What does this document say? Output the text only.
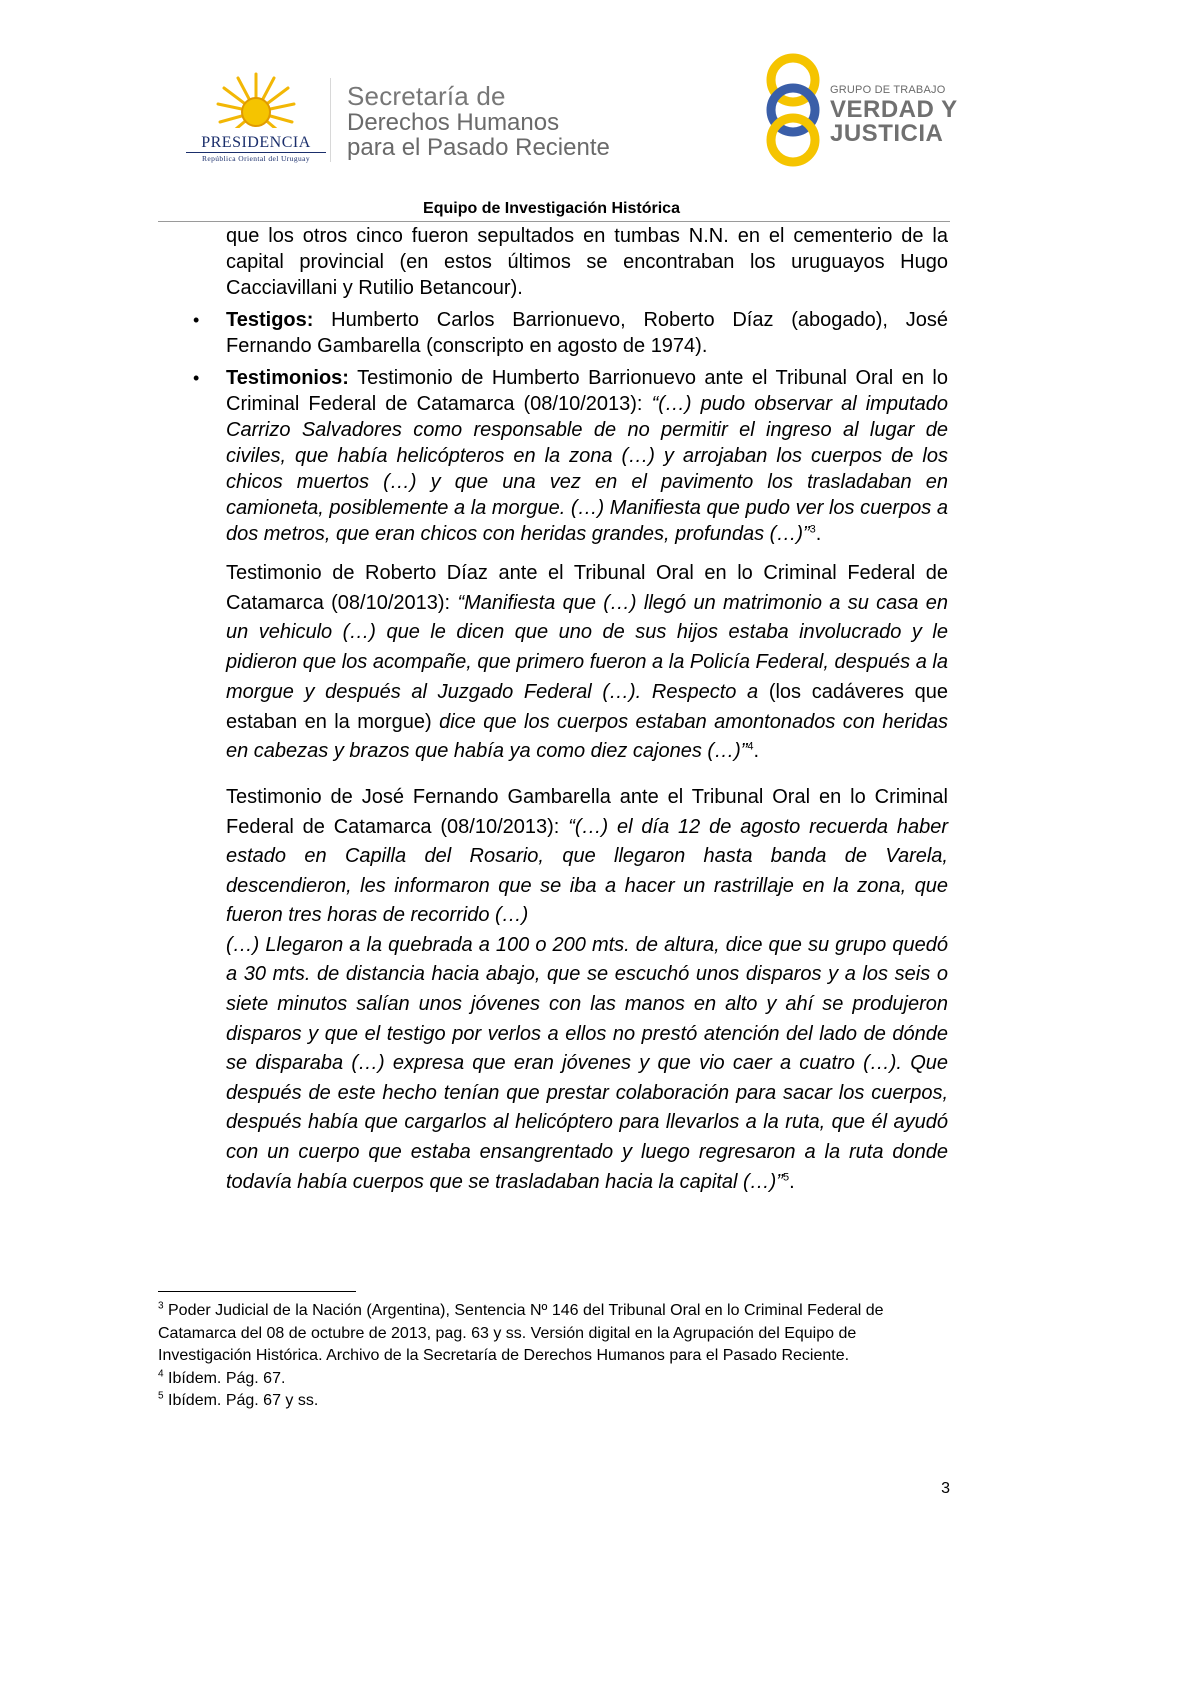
PRESIDENCIA
República Oriental del Uruguay
Secretaría de
Derechos Humanos
para el Pasado Reciente
GRUPO DE TRABAJO
VERDAD Y
JUSTICIA
Equipo de Investigación Histórica

que los otros cinco fueron sepultados en tumbas N.N. en el cementerio de la capital provincial (en estos últimos se encontraban los uruguayos Hugo Cacciavillani y Rutilio Betancour).

• Testigos: Humberto Carlos Barrionuevo, Roberto Díaz (abogado), José Fernando Gambarella (conscripto en agosto de 1974).

• Testimonios: Testimonio de Humberto Barrionuevo ante el Tribunal Oral en lo Criminal Federal de Catamarca (08/10/2013): “(…) pudo observar al imputado Carrizo Salvadores como responsable de no permitir el ingreso al lugar de civiles, que había helicópteros en la zona (…) y arrojaban los cuerpos de los chicos muertos (…) y que una vez en el pavimento los trasladaban en camioneta, posiblemente a la morgue. (…) Manifiesta que pudo ver los cuerpos a dos metros, que eran chicos con heridas grandes, profundas (…)”$^3$.

Testimonio de Roberto Díaz ante el Tribunal Oral en lo Criminal Federal de Catamarca (08/10/2013): “Manifiesta que (…) llegó un matrimonio a su casa en un vehiculo (…) que le dicen que uno de sus hijos estaba involucrado y le pidieron que los acompañe, que primero fueron a la Policía Federal, después a la morgue y después al Juzgado Federal (…). Respecto a (los cadáveres que estaban en la morgue) dice que los cuerpos estaban amontonados con heridas en cabezas y brazos que había ya como diez cajones (…)”$^4$.

Testimonio de José Fernando Gambarella ante el Tribunal Oral en lo Criminal Federal de Catamarca (08/10/2013): “(…) el día 12 de agosto recuerda haber estado en Capilla del Rosario, que llegaron hasta banda de Varela, descendieron, les informaron que se iba a hacer un rastrillaje en la zona, que fueron tres horas de recorrido (…)
(…) Llegaron a la quebrada a 100 o 200 mts. de altura, dice que su grupo quedó a 30 mts. de distancia hacia abajo, que se escuchó unos disparos y a los seis o siete minutos salían unos jóvenes con las manos en alto y ahí se produjeron disparos y que el testigo por verlos a ellos no prestó atención del lado de dónde se disparaba (…) expresa que eran jóvenes y que vio caer a cuatro (…). Que después de este hecho tenían que prestar colaboración para sacar los cuerpos, después había que cargarlos al helicóptero para llevarlos a la ruta, que él ayudó con un cuerpo que estaba ensangrentado y luego regresaron a la ruta donde todavía había cuerpos que se trasladaban hacia la capital (…)”$^5$.

$^3$ Poder Judicial de la Nación (Argentina), Sentencia Nº 146 del Tribunal Oral en lo Criminal Federal de Catamarca del 08 de octubre de 2013, pag. 63 y ss. Versión digital en la Agrupación del Equipo de Investigación Histórica. Archivo de la Secretaría de Derechos Humanos para el Pasado Reciente.

$^4$ Ibídem. Pág. 67.

$^5$ Ibídem. Pág. 67 y ss.

3
